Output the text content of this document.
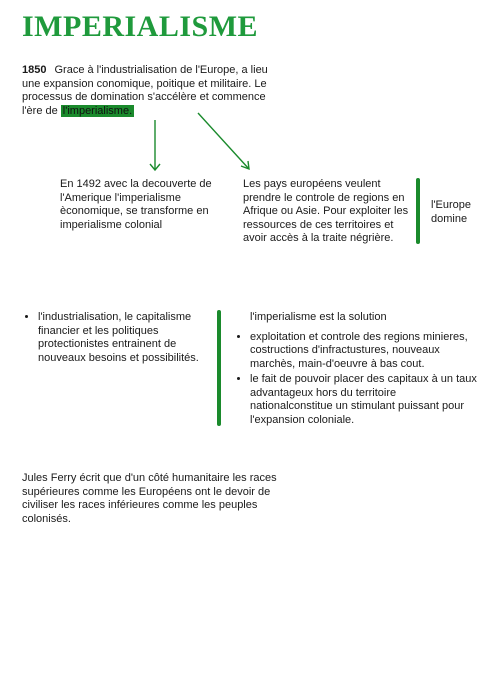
IMPERIALISME
1850 Grace à l'industrialisation de l'Europe, a lieu une expansion conomique, poitique et militaire. Le processus de domination s'accélère et commence l'ère de l'imperialisme.
En 1492 avec la decouverte de l'Amerique l'imperialisme èconomique, se transforme en imperialisme colonial
Les pays européens veulent prendre le controle de regions en Afrique ou Asie. Pour exploiter les ressources de ces territoires et avoir accès à la traite négrière.
l'Europe domine
• l'industrialisation, le capitalisme financier et les politiques protectionistes entrainent de nouveaux besoins et possibilités.
l'imperialisme est la solution
• exploitation et controle des regions minieres, costructions d'infractustures, nouveaux marchès, main-d'oeuvre à bas cout.
• le fait de pouvoir placer des capitaux à un taux advantageux hors du territoire nationalconstitue un stimulant puissant pour l'expansion coloniale.
Jules Ferry écrit que d'un côté humanitaire les races supérieures comme les Européens ont le devoir de civiliser les races inférieures comme les peuples colonisés.
